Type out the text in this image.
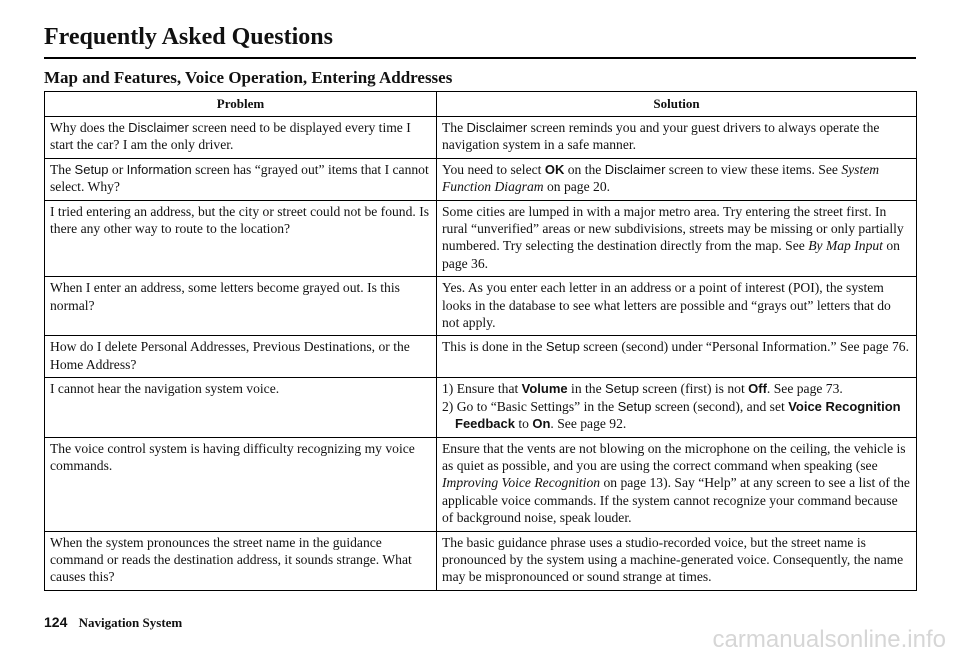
Frequently Asked Questions
Map and Features, Voice Operation, Entering Addresses
Problem	Solution
Why does the Disclaimer screen need to be displayed every time I start the car? I am the only driver.	The Disclaimer screen reminds you and your guest drivers to always operate the navigation system in a safe manner.
The Setup or Information screen has “grayed out” items that I cannot select. Why?	You need to select OK on the Disclaimer screen to view these items. See System Function Diagram on page 20.
I tried entering an address, but the city or street could not be found. Is there any other way to route to the location?	Some cities are lumped in with a major metro area. Try entering the street first. In rural “unverified” areas or new subdivisions, streets may be missing or only partially numbered. Try selecting the destination directly from the map. See By Map Input on page 36.
When I enter an address, some letters become grayed out. Is this normal?	Yes. As you enter each letter in an address or a point of interest (POI), the system looks in the database to see what letters are possible and “grays out” letters that do not apply.
How do I delete Personal Addresses, Previous Destinations, or the Home Address?	This is done in the Setup screen (second) under “Personal Information.” See page 76.
I cannot hear the navigation system voice.	1) Ensure that Volume in the Setup screen (first) is not Off. See page 73.
2) Go to “Basic Settings” in the Setup screen (second), and set Voice Recognition Feedback to On. See page 92.

The voice control system is having difficulty recognizing my voice commands.	Ensure that the vents are not blowing on the microphone on the ceiling, the vehicle is as quiet as possible, and you are using the correct command when speaking (see Improving Voice Recognition on page 13). Say “Help” at any screen to see a list of the applicable voice commands. If the system cannot recognize your command because of background noise, speak louder.
When the system pronounces the street name in the guidance command or reads the destination address, it sounds strange. What causes this?	The basic guidance phrase uses a studio-recorded voice, but the street name is pronounced by the system using a machine-generated voice. Consequently, the name may be mispronounced or sound strange at times.
124 Navigation System
carmanualsonline.info
